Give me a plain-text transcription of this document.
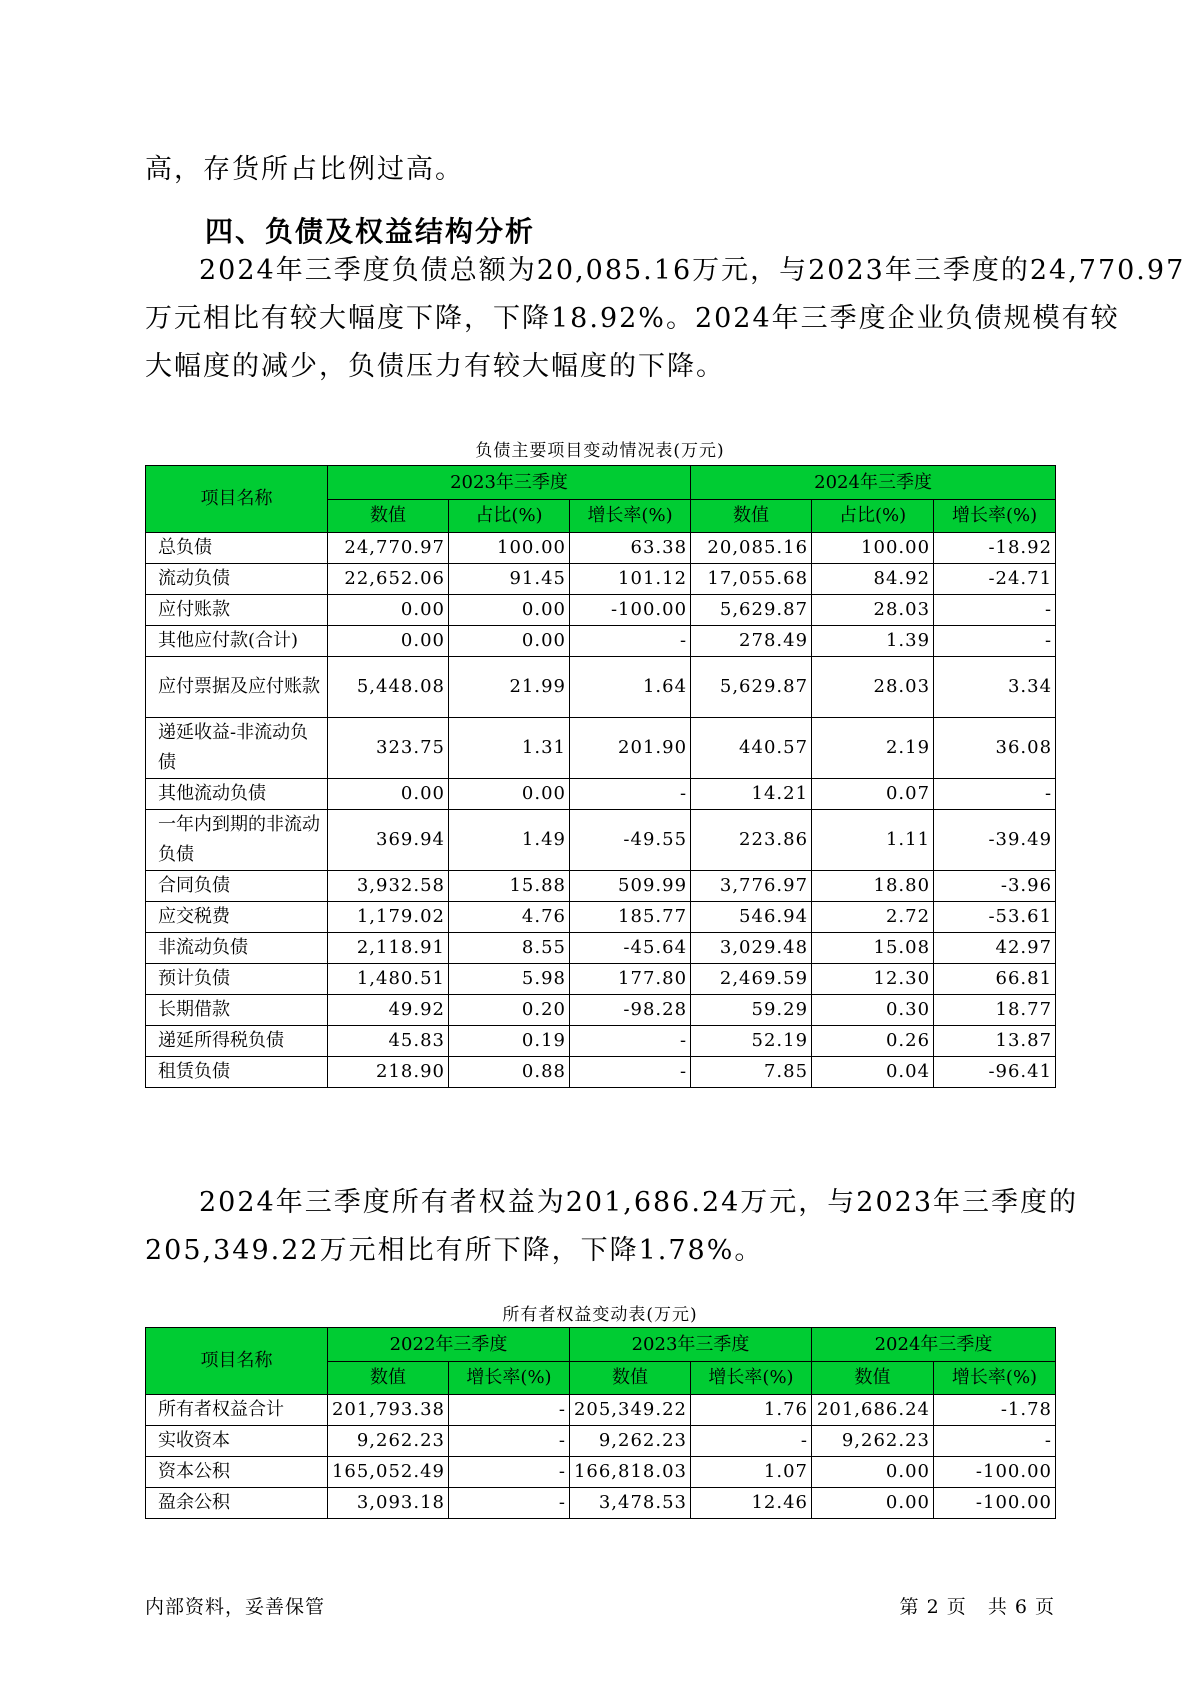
高，存货所占比例过高。

四、负债及权益结构分析

2024年三季度负债总额为20,085.16万元，与2023年三季度的24,770.97
万元相比有较大幅度下降，下降18.92%。2024年三季度企业负债规模有较
大幅度的减少，负债压力有较大幅度的下降。

负债主要项目变动情况表(万元)
项目名称	2023年三季度			2024年三季度		
	数值	占比(%)	增长率(%)	数值	占比(%)	增长率(%)
总负债	24,770.97	100.00	63.38	20,085.16	100.00	-18.92
流动负债	22,652.06	91.45	101.12	17,055.68	84.92	-24.71
应付账款	0.00	0.00	-100.00	5,629.87	28.03	-
其他应付款(合计)	0.00	0.00	-	278.49	1.39	-
应付票据及应付账款	5,448.08	21.99	1.64	5,629.87	28.03	3.34
递延收益-非流动负债	323.75	1.31	201.90	440.57	2.19	36.08
其他流动负债	0.00	0.00	-	14.21	0.07	-
一年内到期的非流动负债	369.94	1.49	-49.55	223.86	1.11	-39.49
合同负债	3,932.58	15.88	509.99	3,776.97	18.80	-3.96
应交税费	1,179.02	4.76	185.77	546.94	2.72	-53.61
非流动负债	2,118.91	8.55	-45.64	3,029.48	15.08	42.97
预计负债	1,480.51	5.98	177.80	2,469.59	12.30	66.81
长期借款	49.92	0.20	-98.28	59.29	0.30	18.77
递延所得税负债	45.83	0.19	-	52.19	0.26	13.87
租赁负债	218.90	0.88	-	7.85	0.04	-96.41

2024年三季度所有者权益为201,686.24万元，与2023年三季度的
205,349.22万元相比有所下降，下降1.78%。

所有者权益变动表(万元)
项目名称	2022年三季度		2023年三季度		2024年三季度	
	数值	增长率(%)	数值	增长率(%)	数值	增长率(%)
所有者权益合计	201,793.38	-	205,349.22	1.76	201,686.24	-1.78
实收资本	9,262.23	-	9,262.23	-	9,262.23	-
资本公积	165,052.49	-	166,818.03	1.07	0.00	-100.00
盈余公积	3,093.18	-	3,478.53	12.46	0.00	-100.00
内部资料，妥善保管	第 2 页   共 6 页
